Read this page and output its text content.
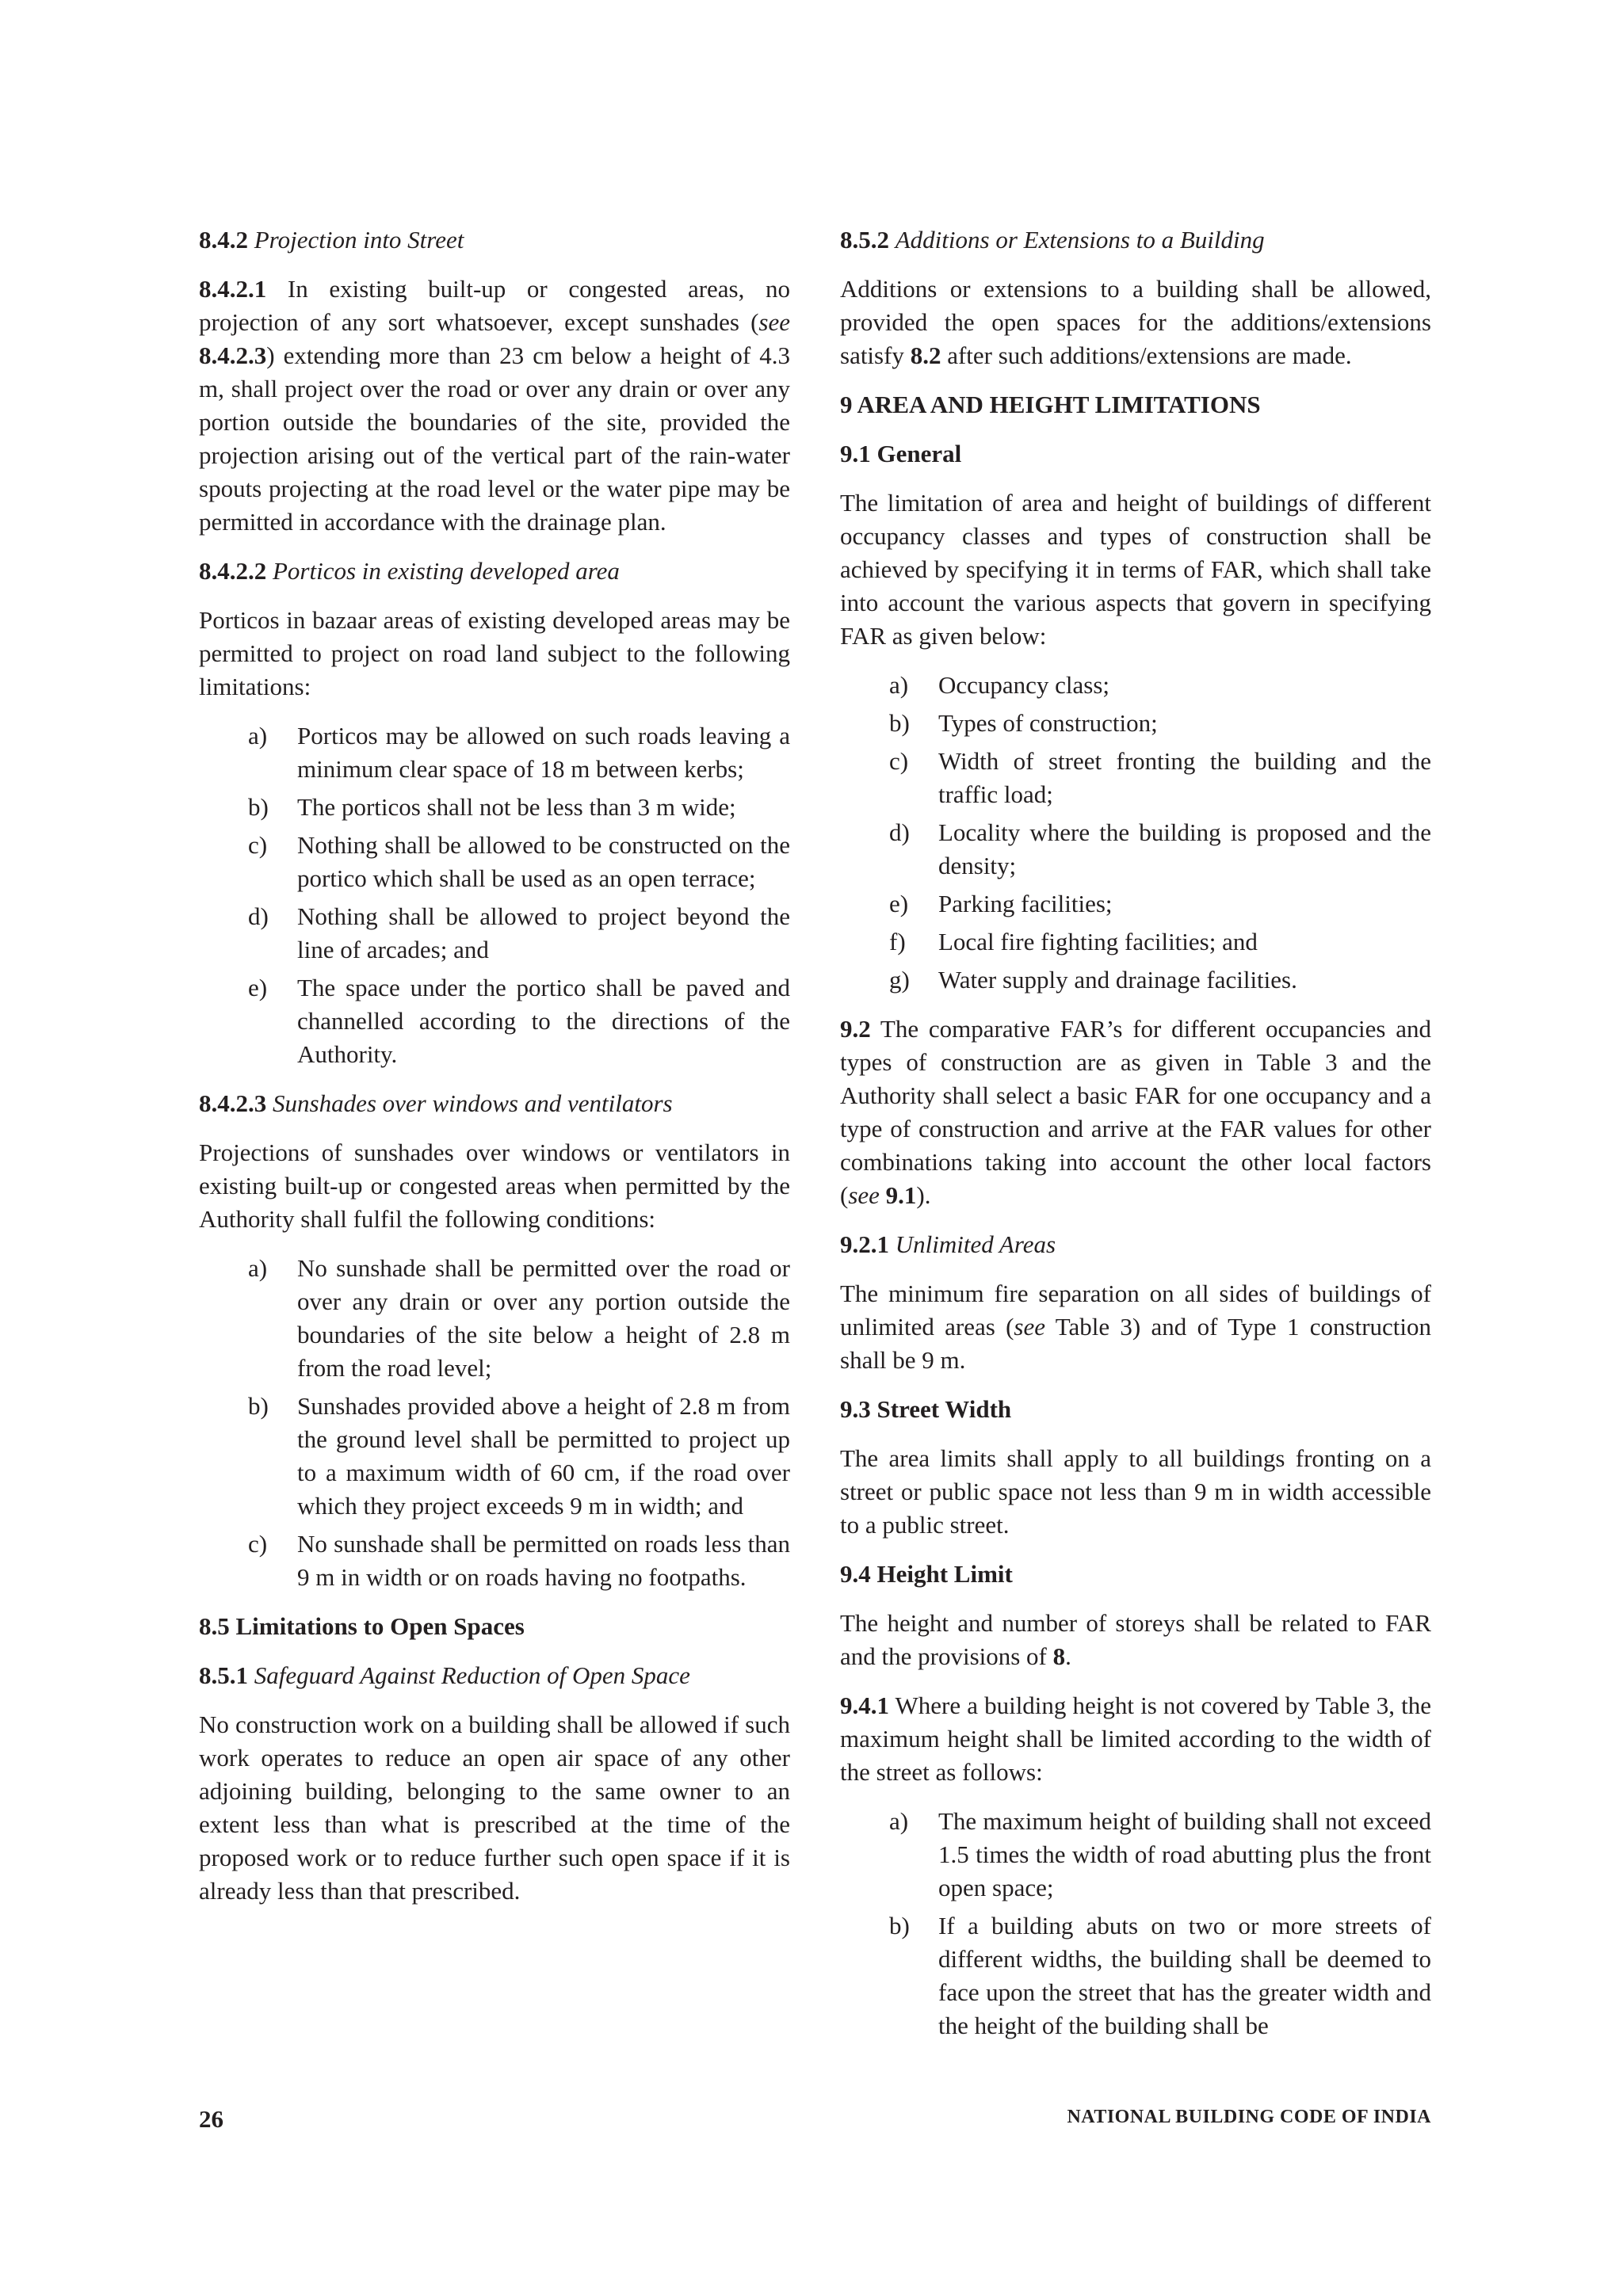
8.4.2 Projection into Street

8.4.2.1 In existing built-up or congested areas, no projection of any sort whatsoever, except sunshades (see 8.4.2.3) extending more than 23 cm below a height of 4.3 m, shall project over the road or over any drain or over any portion outside the boundaries of the site, provided the projection arising out of the vertical part of the rain-water spouts projecting at the road level or the water pipe may be permitted in accordance with the drainage plan.

8.4.2.2 Porticos in existing developed area

Porticos in bazaar areas of existing developed areas may be permitted to project on road land subject to the following limitations:

a) Porticos may be allowed on such roads leaving a minimum clear space of 18 m between kerbs;
b) The porticos shall not be less than 3 m wide;
c) Nothing shall be allowed to be constructed on the portico which shall be used as an open terrace;
d) Nothing shall be allowed to project beyond the line of arcades; and
e) The space under the portico shall be paved and channelled according to the directions of the Authority.

8.4.2.3 Sunshades over windows and ventilators

Projections of sunshades over windows or ventilators in existing built-up or congested areas when permitted by the Authority shall fulfil the following conditions:

a) No sunshade shall be permitted over the road or over any drain or over any portion outside the boundaries of the site below a height of 2.8 m from the road level;
b) Sunshades provided above a height of 2.8 m from the ground level shall be permitted to project up to a maximum width of 60 cm, if the road over which they project exceeds 9 m in width; and
c) No sunshade shall be permitted on roads less than 9 m in width or on roads having no footpaths.
8.5 Limitations to Open Spaces

8.5.1 Safeguard Against Reduction of Open Space

No construction work on a building shall be allowed if such work operates to reduce an open air space of any other adjoining building, belonging to the same owner to an extent less than what is prescribed at the time of the proposed work or to reduce further such open space if it is already less than that prescribed.

8.5.2 Additions or Extensions to a Building

Additions or extensions to a building shall be allowed, provided the open spaces for the additions/extensions satisfy 8.2 after such additions/extensions are made.

9 AREA AND HEIGHT LIMITATIONS
9.1 General

The limitation of area and height of buildings of different occupancy classes and types of construction shall be achieved by specifying it in terms of FAR, which shall take into account the various aspects that govern in specifying FAR as given below:

a) Occupancy class;
b) Types of construction;
c) Width of street fronting the building and the traffic load;
d) Locality where the building is proposed and the density;
e) Parking facilities;
f) Local fire fighting facilities; and
g) Water supply and drainage facilities.

9.2 The comparative FAR’s for different occupancies and types of construction are as given in Table 3 and the Authority shall select a basic FAR for one occupancy and a type of construction and arrive at the FAR values for other combinations taking into account the other local factors (see 9.1).

9.2.1 Unlimited Areas

The minimum fire separation on all sides of buildings of unlimited areas (see Table 3) and of Type 1 construction shall be 9 m.

9.3 Street Width

The area limits shall apply to all buildings fronting on a street or public space not less than 9 m in width accessible to a public street.

9.4 Height Limit

The height and number of storeys shall be related to FAR and the provisions of 8.

9.4.1 Where a building height is not covered by Table 3, the maximum height shall be limited according to the width of the street as follows:

a) The maximum height of building shall not exceed 1.5 times the width of road abutting plus the front open space;
b) If a building abuts on two or more streets of different widths, the building shall be deemed to face upon the street that has the greater width and the height of the building shall be
26	NATIONAL BUILDING CODE OF INDIA
